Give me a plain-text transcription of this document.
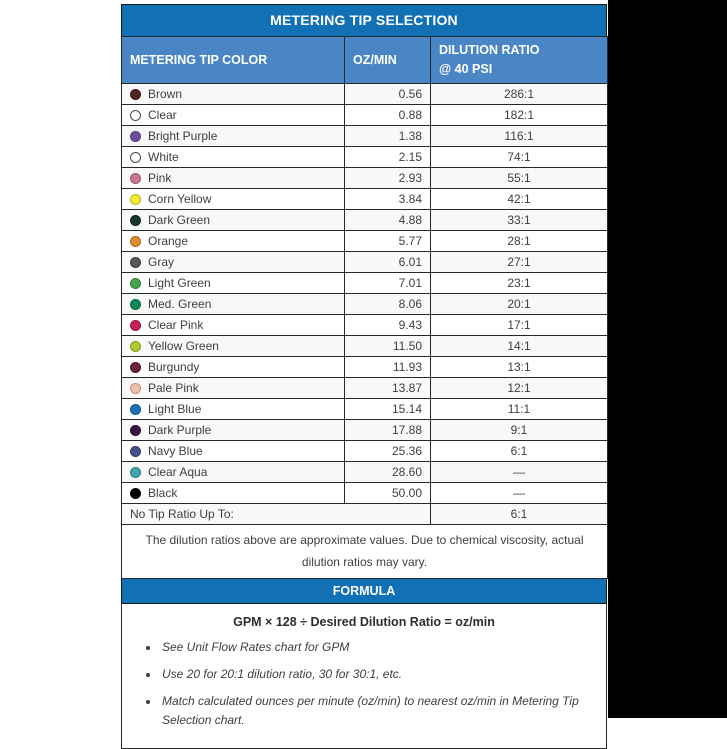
METERING TIP SELECTION
METERING TIP COLOR	OZ/MIN	DILUTION RATIO
@ 40 PSI

Brown	0.56	286:1
Clear	0.88	182:1
Bright Purple	1.38	116:1
White	2.15	74:1
Pink	2.93	55:1
Corn Yellow	3.84	42:1
Dark Green	4.88	33:1
Orange	5.77	28:1
Gray	6.01	27:1
Light Green	7.01	23:1
Med. Green	8.06	20:1
Clear Pink	9.43	17:1
Yellow Green	11.50	14:1
Burgundy	11.93	13:1
Pale Pink	13.87	12:1
Light Blue	15.14	11:1
Dark Purple	17.88	9:1
Navy Blue	25.36	6:1
Clear Aqua	28.60	—
Black	50.00	—
No Tip Ratio Up To:		6:1
The dilution ratios above are approximate values. Due to chemical viscosity, actual dilution ratios may vary.		
FORMULA
GPM × 128 ÷ Desired Dilution Ratio = oz/min
• See Unit Flow Rates chart for GPM
• Use 20 for 20:1 dilution ratio, 30 for 30:1, etc.
• Match calculated ounces per minute (oz/min) to nearest oz/min in Metering Tip Selection chart.
